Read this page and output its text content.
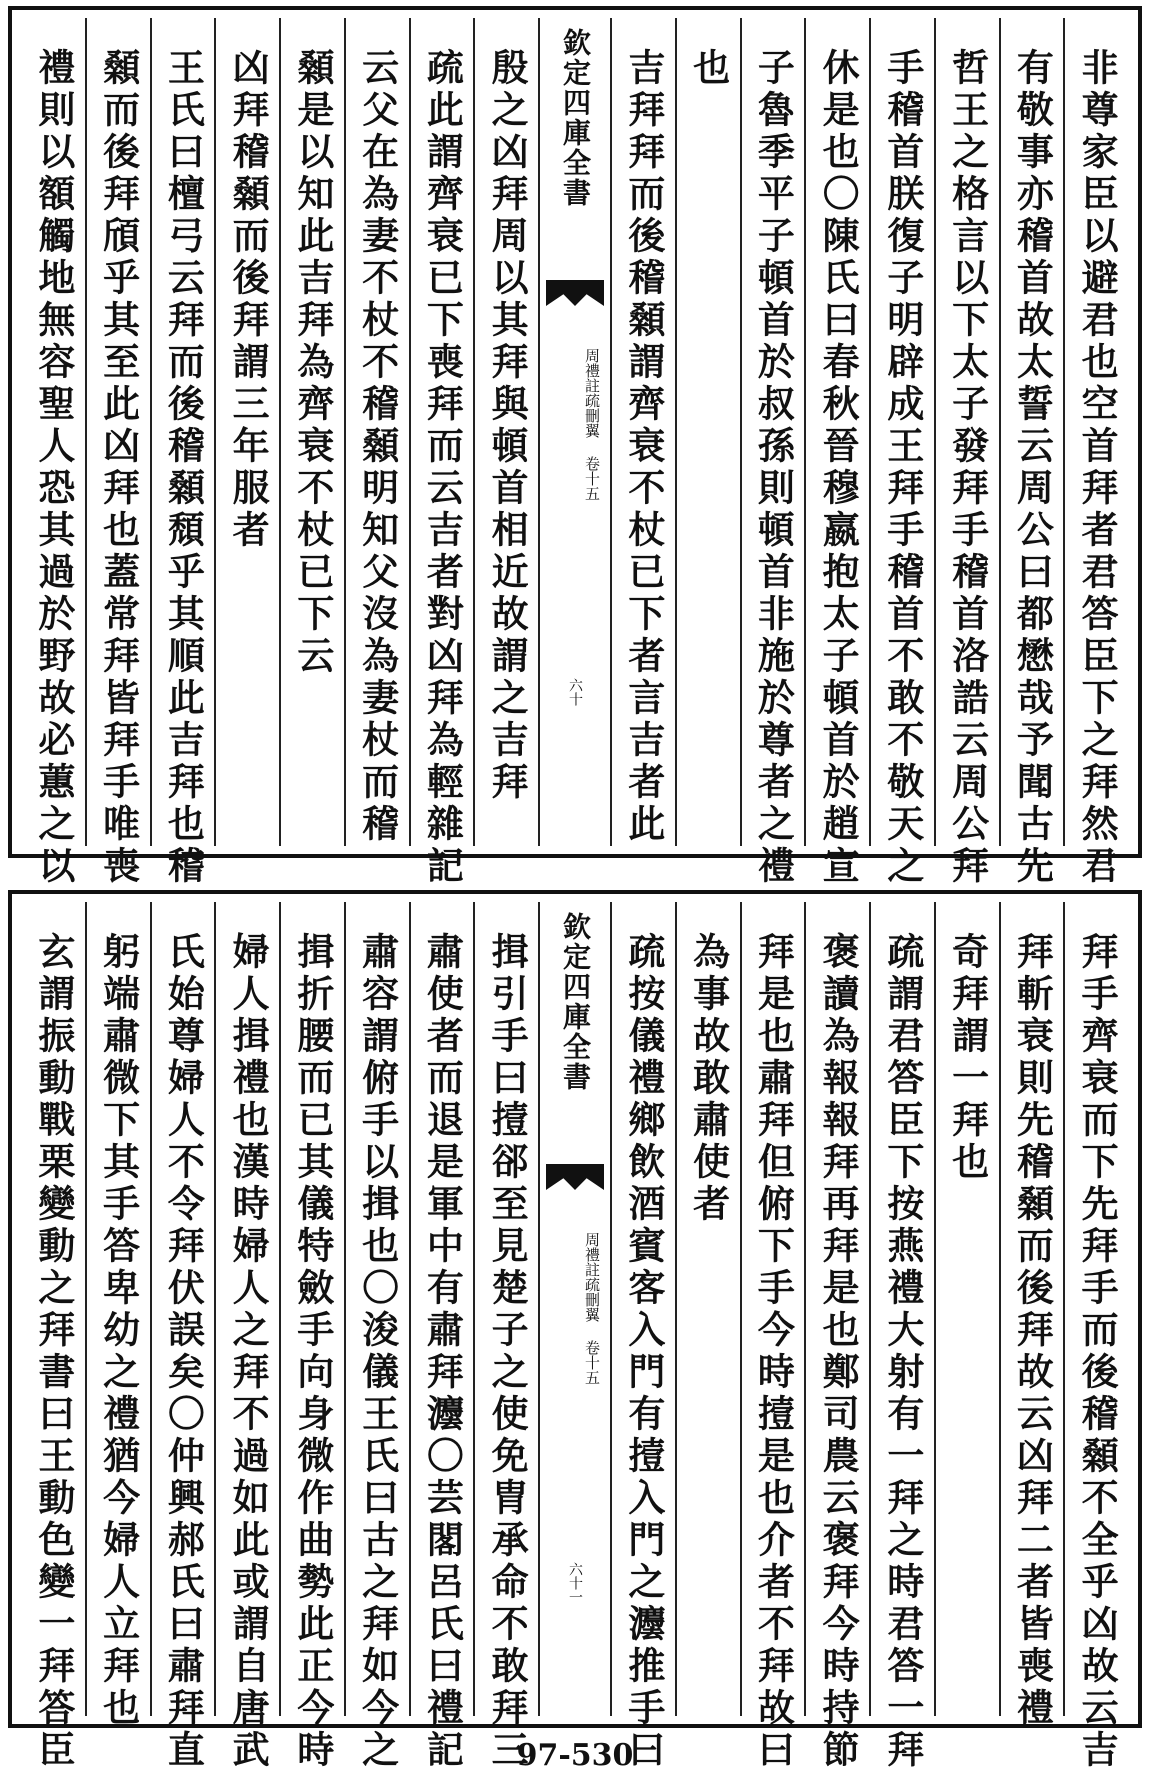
非尊家臣以避君也空首拜者君答臣下之拜然君
有敬事亦稽首故太誓云周公曰都懋哉予聞古先
哲王之格言以下太子發拜手稽首洛誥云周公拜
手稽首朕復子明辟成王拜手稽首不敢不敬天之
休是也〇陳氏曰春秋晉穆嬴抱太子頓首於趙宣
子魯季平子頓首於叔孫則頓首非施於尊者之禮
也
吉拜拜而後稽顙謂齊衰不杖已下者言吉者此
欽定四庫全書
周禮註疏刪翼 卷十五
六十
殷之凶拜周以其拜與頓首相近故謂之吉拜
疏此謂齊衰已下喪拜而云吉者對凶拜為輕雜記
云父在為妻不杖不稽顙明知父沒為妻杖而稽
顙是以知此吉拜為齊衰不杖已下云
凶拜稽顙而後拜謂三年服者
王氏曰檀弓云拜而後稽顙頹乎其順此吉拜也稽
顙而後拜頎乎其至此凶拜也蓋常拜皆拜手唯喪
禮則以額觸地無容聖人恐其過於野故必蕙之以
拜手齊衰而下先拜手而後稽顙不全乎凶故云吉
拜斬衰則先稽顙而後拜故云凶拜二者皆喪禮
奇拜謂一拜也
疏謂君答臣下按燕禮大射有一拜之時君答一拜
褒讀為報報拜再拜是也鄭司農云褒拜今時持節
拜是也肅拜但俯下手今時撎是也介者不拜故曰
為事故敢肅使者
疏按儀禮鄉飲酒賓客入門有撎入門之灋推手曰
欽定四庫全書
周禮註疏刪翼 卷十五
六十一
揖引手曰撎郤至見楚子之使免胄承命不敢拜三
肅使者而退是軍中有肅拜灋〇芸閣呂氏曰禮記
肅容謂俯手以揖也〇浚儀王氏曰古之拜如今之
揖折腰而已其儀特斂手向身微作曲勢此正今時
婦人揖禮也漢時婦人之拜不過如此或謂自唐武
氏始尊婦人不令拜伏誤矣〇仲興郝氏曰肅拜直
躬端肅微下其手答卑幼之禮猶今婦人立拜也
玄謂振動戰栗變動之拜書曰王動色變一拜答臣	97-530
